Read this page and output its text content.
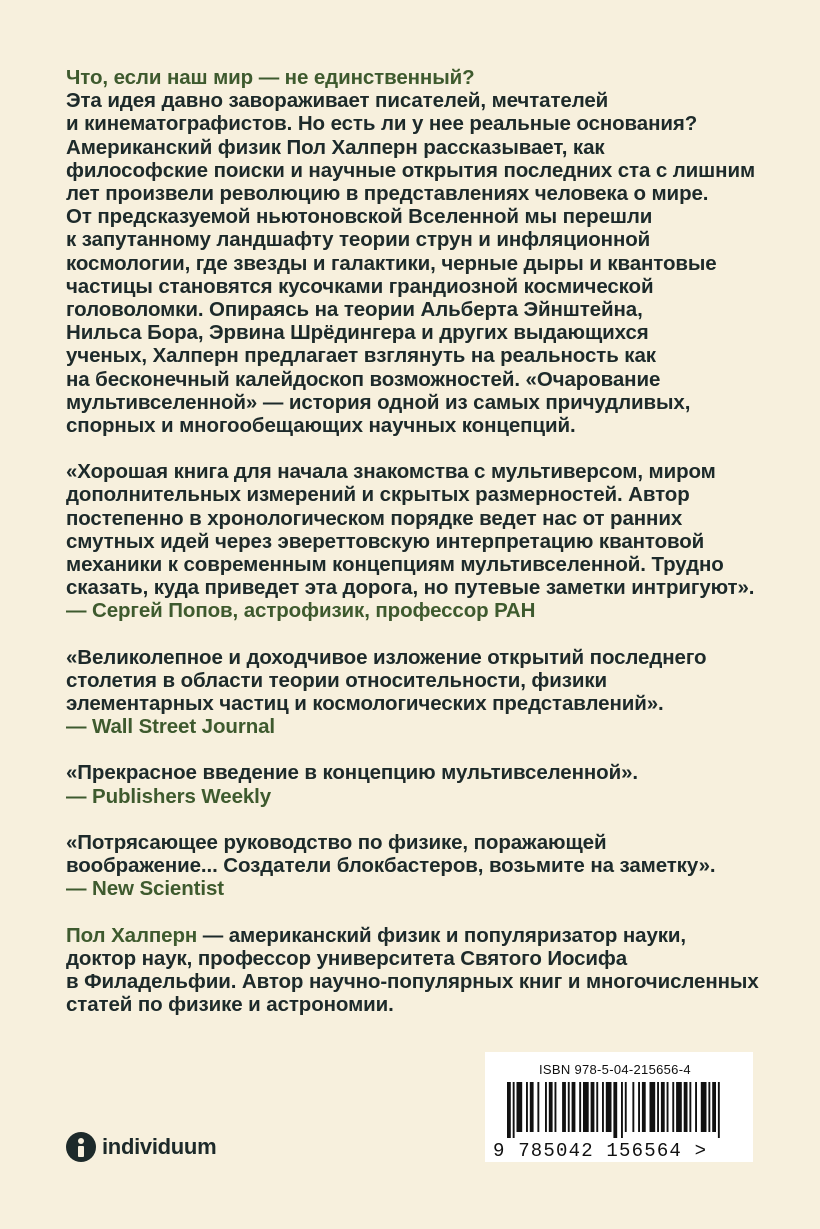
Что, если наш мир — не единственный?
Эта идея давно завораживает писателей, мечтателей
и кинематографистов. Но есть ли у нее реальные основания?
Американский физик Пол Халперн рассказывает, как
философские поиски и научные открытия последних ста с лишним
лет произвели революцию в представлениях человека о мире.
От предсказуемой ньютоновской Вселенной мы перешли
к запутанному ландшафту теории струн и инфляционной
космологии, где звезды и галактики, черные дыры и квантовые
частицы становятся кусочками грандиозной космической
головоломки. Опираясь на теории Альберта Эйнштейна,
Нильса Бора, Эрвина Шрёдингера и других выдающихся
ученых, Халперн предлагает взглянуть на реальность как
на бесконечный калейдоскоп возможностей. «Очарование
мультивселенной» — история одной из самых причудливых,
спорных и многообещающих научных концепций.
«Хорошая книга для начала знакомства с мультиверсом, миром
дополнительных измерений и скрытых размерностей. Автор
постепенно в хронологическом порядке ведет нас от ранних
смутных идей через эвереттовскую интерпретацию квантовой
механики к современным концепциям мультивселенной. Трудно
сказать, куда приведет эта дорога, но путевые заметки интригуют».
— Сергей Попов, астрофизик, профессор РАН
«Великолепное и доходчивое изложение открытий последнего
столетия в области теории относительности, физики
элементарных частиц и космологических представлений».
— Wall Street Journal
«Прекрасное введение в концепцию мультивселенной».
— Publishers Weekly
«Потрясающее руководство по физике, поражающей
воображение... Создатели блокбастеров, возьмите на заметку».
— New Scientist
Пол Халперн — американский физик и популяризатор науки,
доктор наук, профессор университета Святого Иосифа
в Филадельфии. Автор научно-популярных книг и многочисленных
статей по физике и астрономии.
individuum
ISBN 978-5-04-215656-4
9 785042 156564 >
